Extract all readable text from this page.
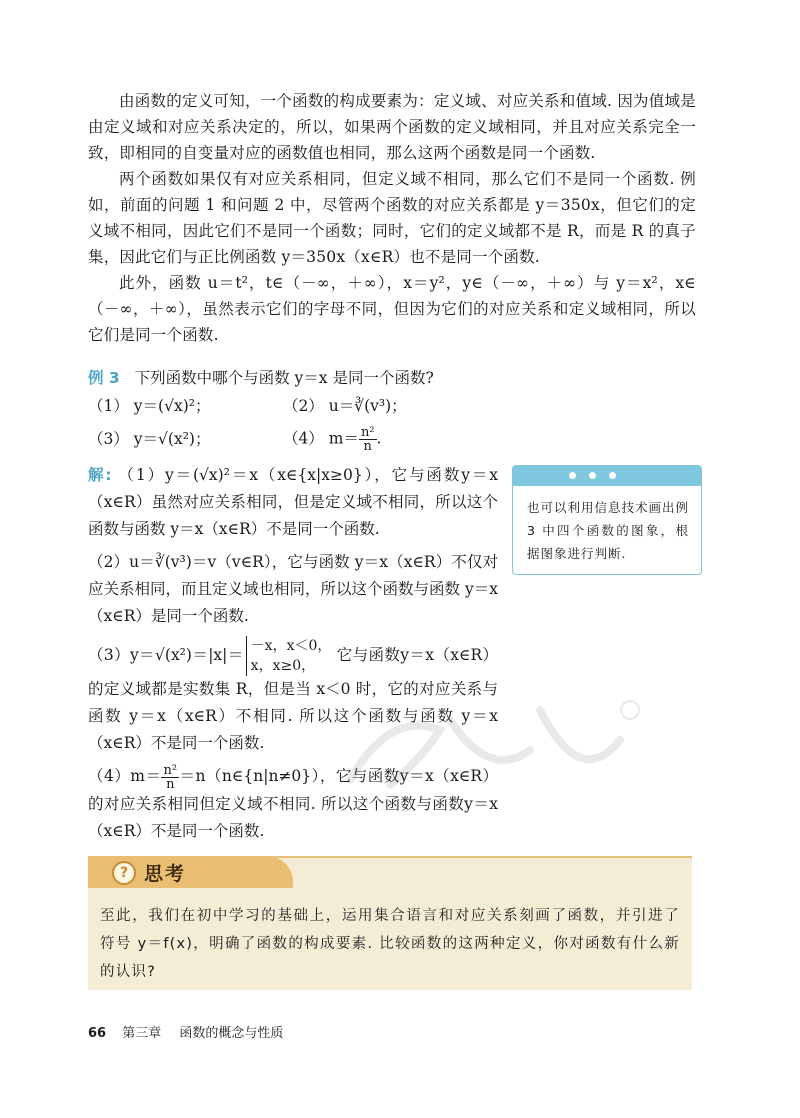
由函数的定义可知，一个函数的构成要素为：定义域、对应关系和值域. 因为值域是由定义域和对应关系决定的，所以，如果两个函数的定义域相同，并且对应关系完全一致，即相同的自变量对应的函数值也相同，那么这两个函数是同一个函数.

两个函数如果仅有对应关系相同，但定义域不相同，那么它们不是同一个函数. 例如，前面的问题 1 和问题 2 中，尽管两个函数的对应关系都是 y＝350x，但它们的定义域不相同，因此它们不是同一个函数；同时，它们的定义域都不是 R，而是 R 的真子集，因此它们与正比例函数 y＝350x（x∈R）也不是同一个函数.

此外，函数 u＝t²，t∈（－∞，＋∞），x＝y²，y∈（－∞，＋∞）与 y＝x²，x∈（－∞，＋∞），虽然表示它们的字母不同，但因为它们的对应关系和定义域相同，所以它们是同一个函数.

例 3 下列函数中哪个与函数 y＝x 是同一个函数?
（1） y＝(√x)²；	（2） u＝∛(v³)；
（3） y＝√(x²)；	（4） $m= \frac{\text{n²}}{n}$ .

解: （1）y＝(√x)²＝x（x∈{x|x≥0}），它与函数y＝x（x∈R）虽然对应关系相同，但是定义域不相同，所以这个函数与函数 y＝x（x∈R）不是同一个函数.

（2）u＝∛(v³)＝v（v∈R），它与函数 y＝x（x∈R）不仅对应关系相同，而且定义域也相同，所以这个函数与函数 y＝x（x∈R）是同一个函数.

（3）y＝√(x²)＝|x|＝ －x，x＜0，
x，x≥0，
它与函数y＝x（x∈R） 的定义域都是实数集 R，但是当 x＜0 时，它的对应关系与函数 y＝x（x∈R）不相同. 所以这个函数与函数 y＝x（x∈R）不是同一个函数.

$(4)m= \frac{\text{n²}}{n}$ ＝n（n∈{n|n≠0}），它与函数y＝x（x∈R） 的对应关系相同但定义域不相同. 所以这个函数与函数y＝x（x∈R）不是同一个函数.

也可以利用信息技术画出例 3 中四个函数的图象，根据图象进行判断.
? 思考
至此，我们在初中学习的基础上，运用集合语言和对应关系刻画了函数，并引进了符号 y＝f(x)，明确了函数的构成要素. 比较函数的这两种定义，你对函数有什么新的认识?
66 第三章 函数的概念与性质
